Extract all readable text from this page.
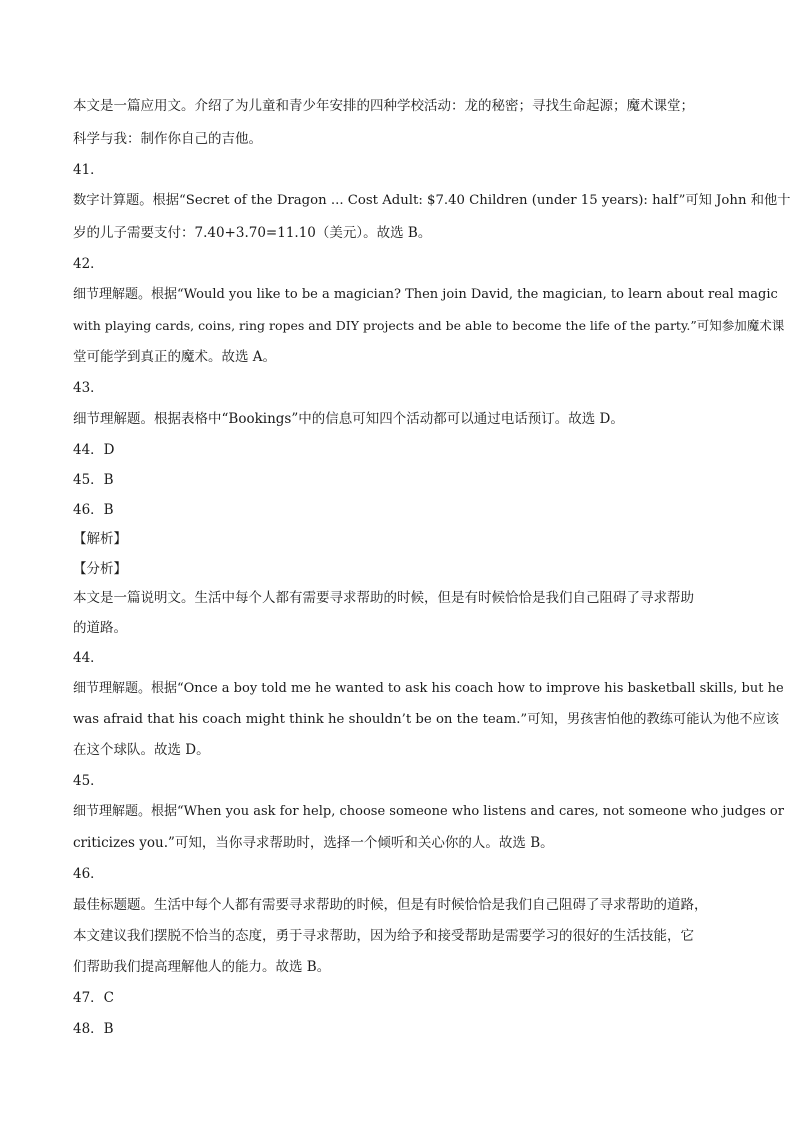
本文是一篇应用文。介绍了为儿童和青少年安排的四种学校活动：龙的秘密；寻找生命起源；魔术课堂；
科学与我：制作你自己的吉他。
41．
数字计算题。根据“Secret of the Dragon ... Cost Adult: $7.40 Children (under 15 years): half”可知 John 和他十
岁的儿子需要支付：7.40+3.70=11.10（美元）。故选 B。
42．
细节理解题。根据“Would you like to be a magician? Then join David, the magician, to learn about real magic
with playing cards, coins, ring ropes and DIY projects and be able to become the life of the party.”可知参加魔术课
堂可能学到真正的魔术。故选 A。
43．
细节理解题。根据表格中“Bookings”中的信息可知四个活动都可以通过电话预订。故选 D。
44．D
45．B
46．B
【解析】
【分析】
本文是一篇说明文。生活中每个人都有需要寻求帮助的时候，但是有时候恰恰是我们自己阻碍了寻求帮助
的道路。
44．
细节理解题。根据“Once a boy told me he wanted to ask his coach how to improve his basketball skills, but he
was afraid that his coach might think he shouldn’t be on the team.”可知，男孩害怕他的教练可能认为他不应该
在这个球队。故选 D。
45．
细节理解题。根据“When you ask for help, choose someone who listens and cares, not someone who judges or
criticizes you.”可知，当你寻求帮助时，选择一个倾听和关心你的人。故选 B。
46．
最佳标题题。生活中每个人都有需要寻求帮助的时候，但是有时候恰恰是我们自己阻碍了寻求帮助的道路，
本文建议我们摆脱不恰当的态度，勇于寻求帮助，因为给予和接受帮助是需要学习的很好的生活技能，它
们帮助我们提高理解他人的能力。故选 B。
47．C
48．B
